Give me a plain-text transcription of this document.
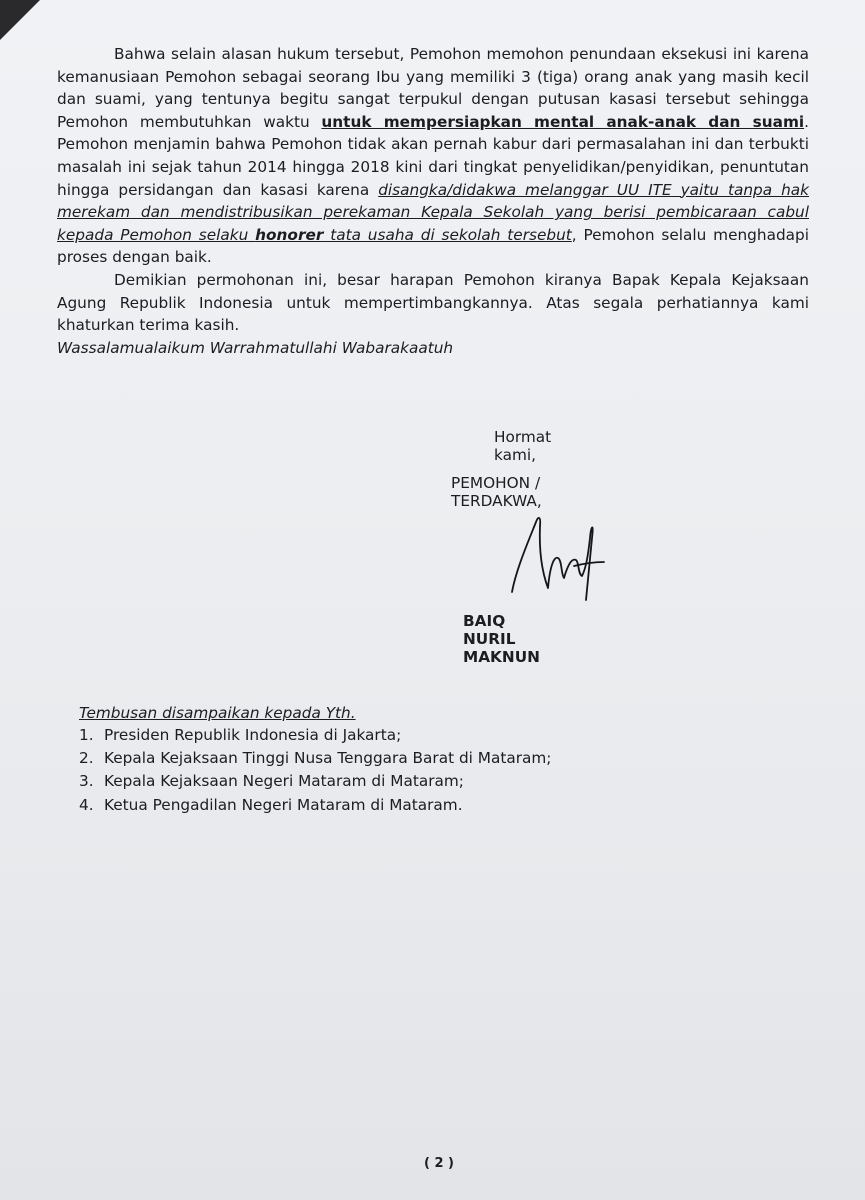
Bahwa selain alasan hukum tersebut, Pemohon memohon penundaan eksekusi ini karena kemanusiaan Pemohon sebagai seorang Ibu yang memiliki 3 (tiga) orang anak yang masih kecil dan suami, yang tentunya begitu sangat terpukul dengan putusan kasasi tersebut sehingga Pemohon membutuhkan waktu untuk mempersiapkan mental anak-anak dan suami. Pemohon menjamin bahwa Pemohon tidak akan pernah kabur dari permasalahan ini dan terbukti masalah ini sejak tahun 2014 hingga 2018 kini dari tingkat penyelidikan/penyidikan, penuntutan hingga persidangan dan kasasi karena disangka/didakwa melanggar UU ITE yaitu tanpa hak merekam dan mendistribusikan perekaman Kepala Sekolah yang berisi pembicaraan cabul kepada Pemohon selaku honorer tata usaha di sekolah tersebut, Pemohon selalu menghadapi proses dengan baik.

Demikian permohonan ini, besar harapan Pemohon kiranya Bapak Kepala Kejaksaan Agung Republik Indonesia untuk mempertimbangkannya. Atas segala perhatiannya kami khaturkan terima kasih.

Wassalamualaikum Warrahmatullahi Wabarakaatuh

Hormat kami,
PEMOHON / TERDAKWA,
BAIQ NURIL MAKNUN
Tembusan disampaikan kepada Yth.
1. Presiden Republik Indonesia di Jakarta;
2. Kepala Kejaksaan Tinggi Nusa Tenggara Barat di Mataram;
3. Kepala Kejaksaan Negeri Mataram di Mataram;
4. Ketua Pengadilan Negeri Mataram di Mataram.
( 2 )
